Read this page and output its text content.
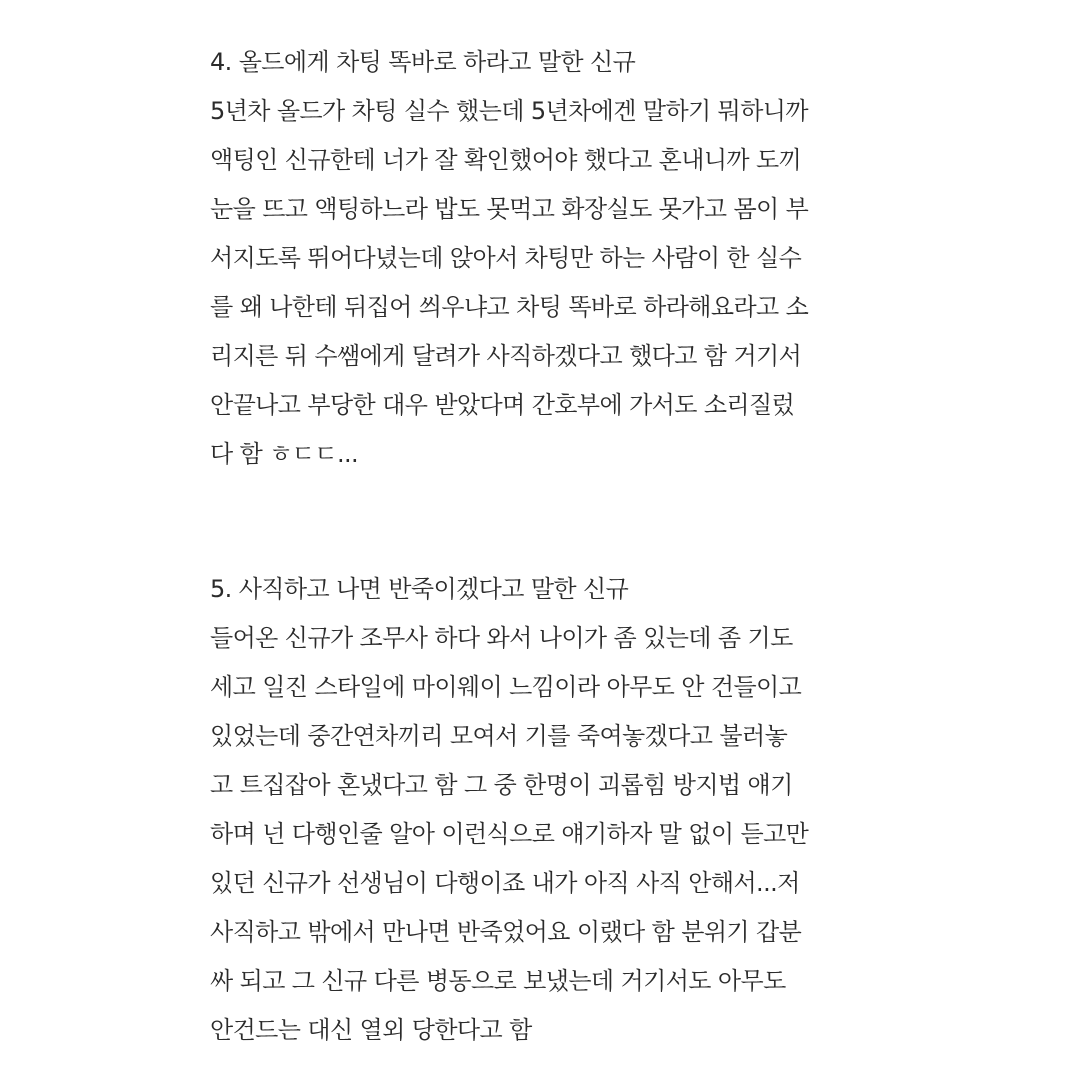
4. 올드에게 차팅 똑바로 하라고 말한 신규
5년차 올드가 차팅 실수 했는데 5년차에겐 말하기 뭐하니까
액팅인 신규한테 너가 잘 확인했어야 했다고 혼내니까 도끼
눈을 뜨고 액팅하느라 밥도 못먹고 화장실도 못가고 몸이 부
서지도록 뛰어다녔는데 앉아서 차팅만 하는 사람이 한 실수
를 왜 나한테 뒤집어 씌우냐고 차팅 똑바로 하라해요라고 소
리지른 뒤 수쌤에게 달려가 사직하겠다고 했다고 함 거기서
안끝나고 부당한 대우 받았다며 간호부에 가서도 소리질렀
다 함 ㅎㄷㄷ...
5. 사직하고 나면 반죽이겠다고 말한 신규
들어온 신규가 조무사 하다 와서 나이가 좀 있는데 좀 기도
세고 일진 스타일에 마이웨이 느낌이라 아무도 안 건들이고
있었는데 중간연차끼리 모여서 기를 죽여놓겠다고 불러놓
고 트집잡아 혼냈다고 함 그 중 한명이 괴롭힘 방지법 얘기
하며 넌 다행인줄 알아 이런식으로 얘기하자 말 없이 듣고만
있던 신규가 선생님이 다행이죠 내가 아직 사직 안해서...저
사직하고 밖에서 만나면 반죽었어요 이랬다 함 분위기 갑분
싸 되고 그 신규 다른 병동으로 보냈는데 거기서도 아무도
안건드는 대신 열외 당한다고 함
